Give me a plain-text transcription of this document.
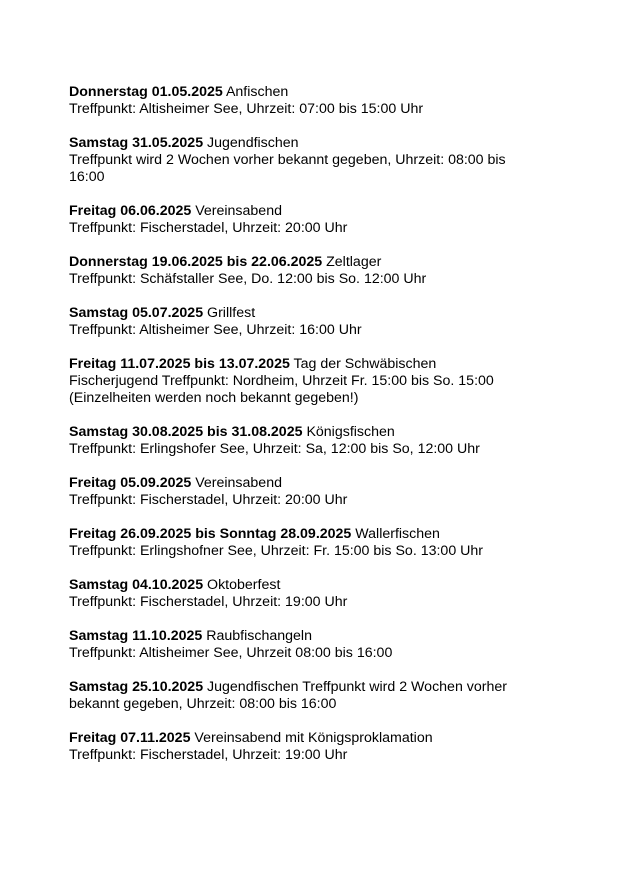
Donnerstag 01.05.2025 Anfischen

Treffpunkt: Altisheimer See, Uhrzeit: 07:00 bis 15:00 Uhr

Samstag 31.05.2025 Jugendfischen

Treffpunkt wird 2 Wochen vorher bekannt gegeben, Uhrzeit: 08:00 bis

16:00

Freitag 06.06.2025 Vereinsabend

Treffpunkt: Fischerstadel, Uhrzeit: 20:00 Uhr

Donnerstag 19.06.2025 bis 22.06.2025 Zeltlager

Treffpunkt: Schäfstaller See, Do. 12:00 bis So. 12:00 Uhr

Samstag 05.07.2025 Grillfest

Treffpunkt: Altisheimer See, Uhrzeit: 16:00 Uhr

Freitag 11.07.2025 bis 13.07.2025 Tag der Schwäbischen

Fischerjugend Treffpunkt: Nordheim, Uhrzeit Fr. 15:00 bis So. 15:00

(Einzelheiten werden noch bekannt gegeben!)

Samstag 30.08.2025 bis 31.08.2025 Königsfischen

Treffpunkt: Erlingshofer See, Uhrzeit: Sa, 12:00 bis So, 12:00 Uhr

Freitag 05.09.2025 Vereinsabend

Treffpunkt: Fischerstadel, Uhrzeit: 20:00 Uhr

Freitag 26.09.2025 bis Sonntag 28.09.2025 Wallerfischen

Treffpunkt: Erlingshofner See, Uhrzeit: Fr. 15:00 bis So. 13:00 Uhr

Samstag 04.10.2025 Oktoberfest

Treffpunkt: Fischerstadel, Uhrzeit: 19:00 Uhr

Samstag 11.10.2025 Raubfischangeln

Treffpunkt: Altisheimer See, Uhrzeit 08:00 bis 16:00

Samstag 25.10.2025 Jugendfischen Treffpunkt wird 2 Wochen vorher

bekannt gegeben, Uhrzeit: 08:00 bis 16:00

Freitag 07.11.2025 Vereinsabend mit Königsproklamation

Treffpunkt: Fischerstadel, Uhrzeit: 19:00 Uhr
